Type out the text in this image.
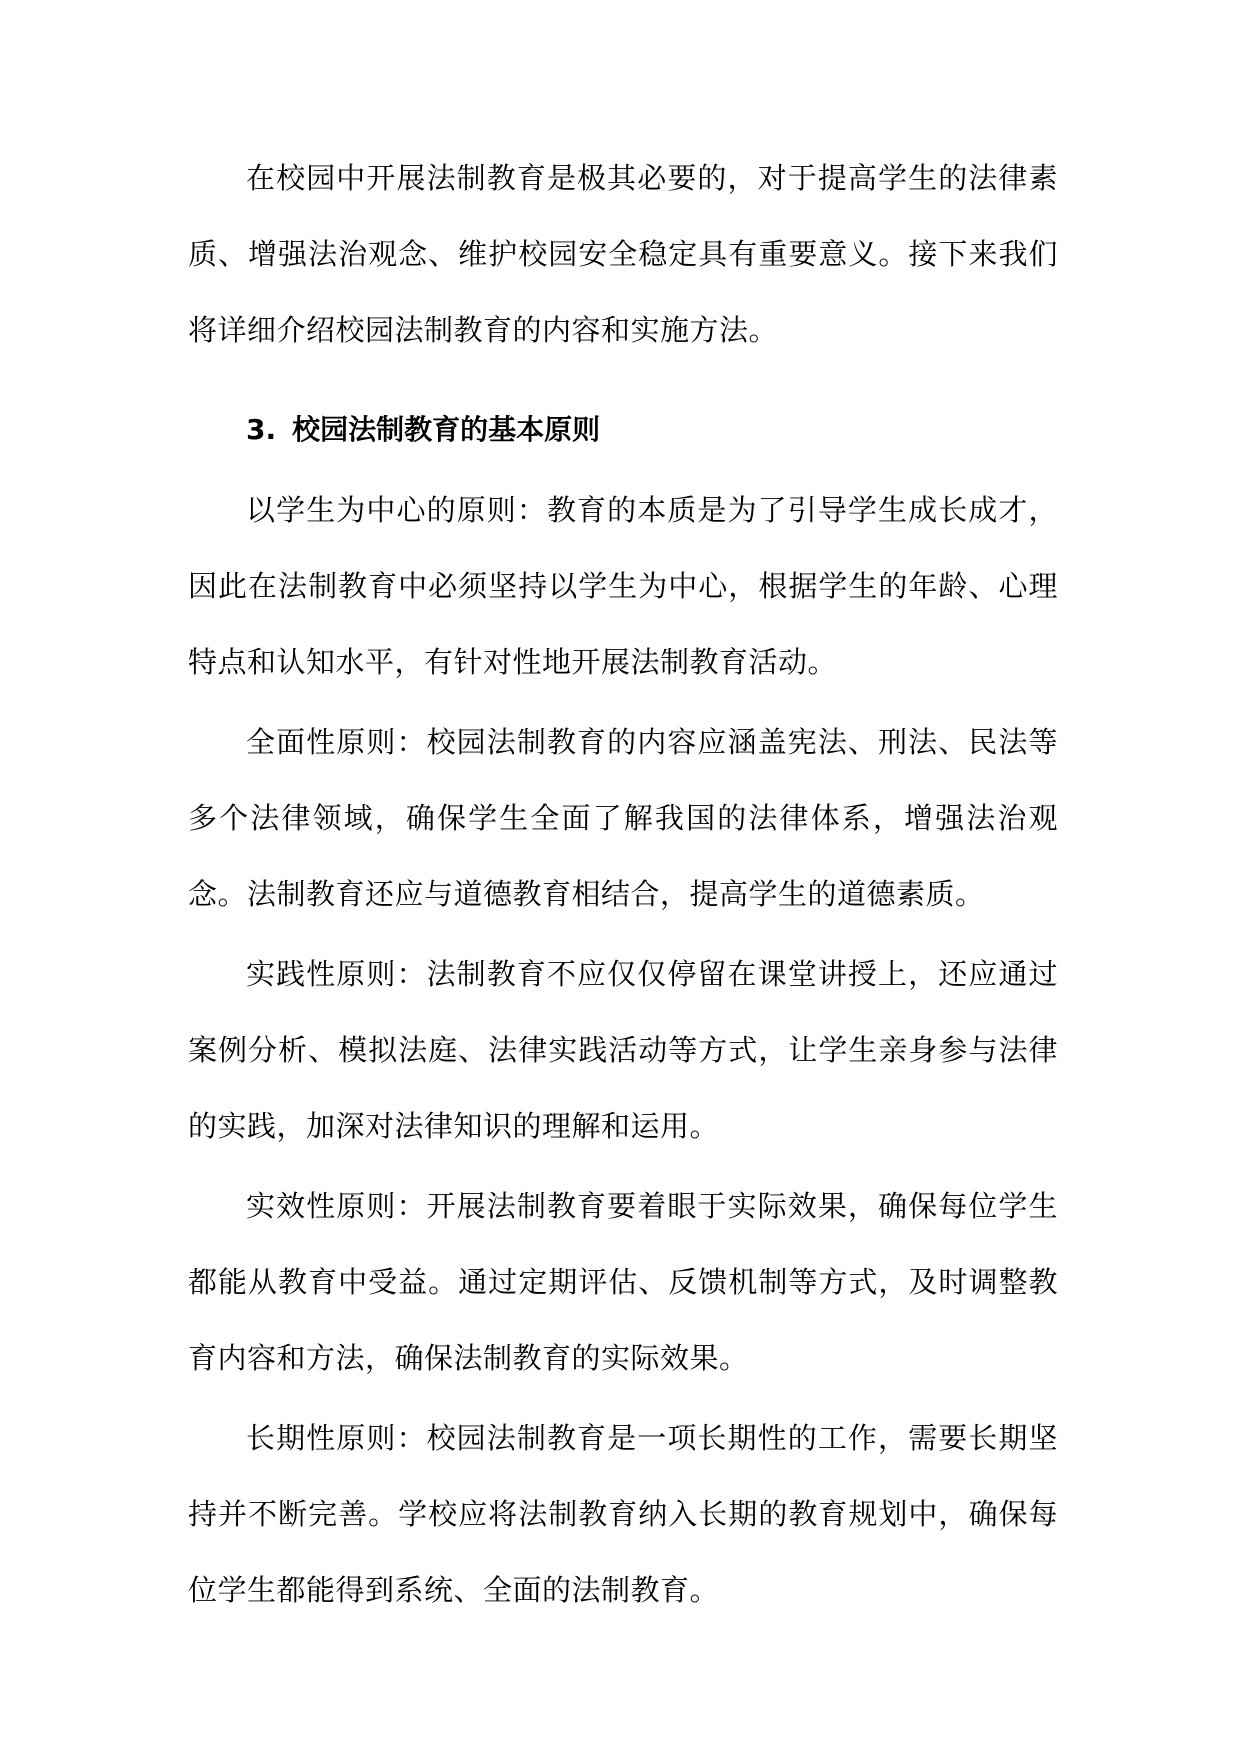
在校园中开展法制教育是极其必要的，对于提高学生的法律素质、增强法治观念、维护校园安全稳定具有重要意义。接下来我们将详细介绍校园法制教育的内容和实施方法。

3. 校园法制教育的基本原则

以学生为中心的原则：教育的本质是为了引导学生成长成才，因此在法制教育中必须坚持以学生为中心，根据学生的年龄、心理特点和认知水平，有针对性地开展法制教育活动。

全面性原则：校园法制教育的内容应涵盖宪法、刑法、民法等多个法律领域，确保学生全面了解我国的法律体系，增强法治观念。法制教育还应与道德教育相结合，提高学生的道德素质。

实践性原则：法制教育不应仅仅停留在课堂讲授上，还应通过案例分析、模拟法庭、法律实践活动等方式，让学生亲身参与法律的实践，加深对法律知识的理解和运用。

实效性原则：开展法制教育要着眼于实际效果，确保每位学生都能从教育中受益。通过定期评估、反馈机制等方式，及时调整教育内容和方法，确保法制教育的实际效果。

长期性原则：校园法制教育是一项长期性的工作，需要长期坚持并不断完善。学校应将法制教育纳入长期的教育规划中，确保每位学生都能得到系统、全面的法制教育。
